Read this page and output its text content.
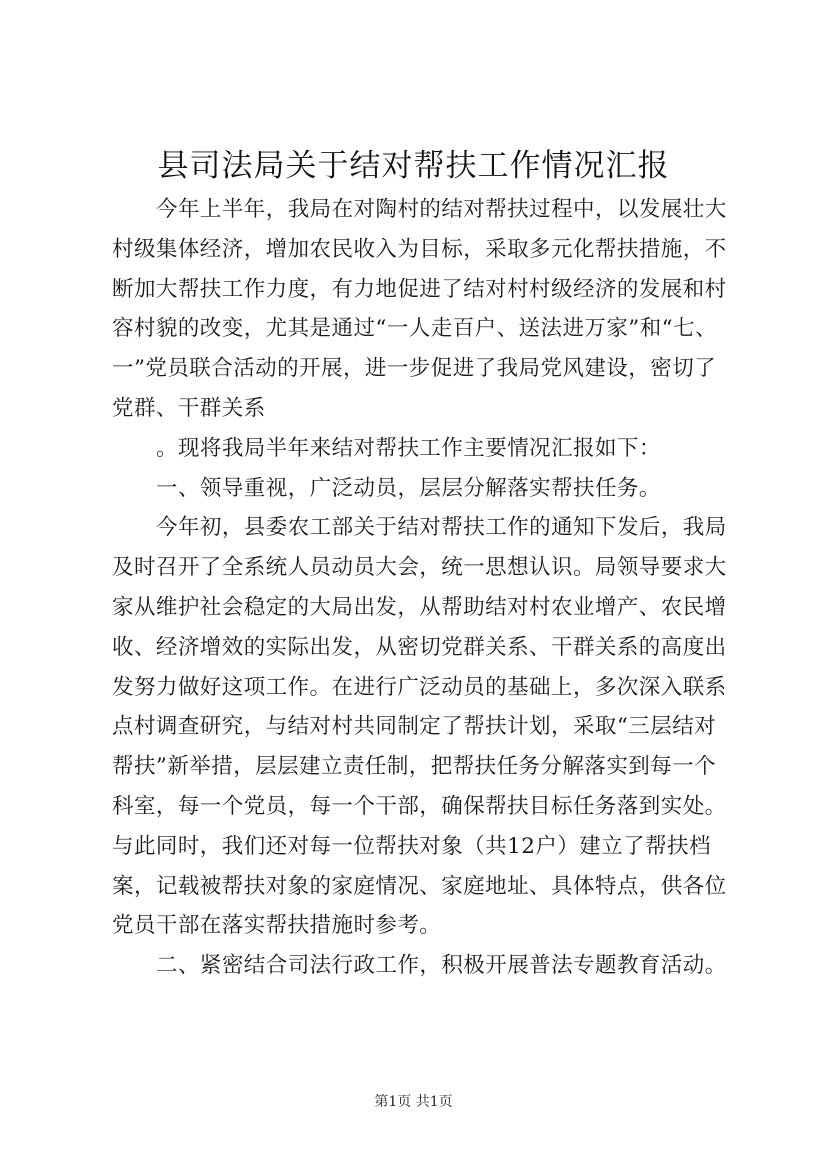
县司法局关于结对帮扶工作情况汇报
今年上半年，我局在对陶村的结对帮扶过程中，以发展壮大
村级集体经济，增加农民收入为目标，采取多元化帮扶措施，不
断加大帮扶工作力度，有力地促进了结对村村级经济的发展和村
容村貌的改变，尤其是通过“一人走百户、送法进万家”和“七、
一”党员联合活动的开展，进一步促进了我局党风建设，密切了
党群、干群关系
。现将我局半年来结对帮扶工作主要情况汇报如下：
一、领导重视，广泛动员，层层分解落实帮扶任务。
今年初，县委农工部关于结对帮扶工作的通知下发后，我局
及时召开了全系统人员动员大会，统一思想认识。局领导要求大
家从维护社会稳定的大局出发，从帮助结对村农业增产、农民增
收、经济增效的实际出发，从密切党群关系、干群关系的高度出
发努力做好这项工作。在进行广泛动员的基础上，多次深入联系
点村调查研究，与结对村共同制定了帮扶计划，采取“三层结对
帮扶”新举措，层层建立责任制，把帮扶任务分解落实到每一个
科室，每一个党员，每一个干部，确保帮扶目标任务落到实处。
与此同时，我们还对每一位帮扶对象（共12户）建立了帮扶档
案，记载被帮扶对象的家庭情况、家庭地址、具体特点，供各位
党员干部在落实帮扶措施时参考。
二、紧密结合司法行政工作，积极开展普法专题教育活动。
第1页 共1页
